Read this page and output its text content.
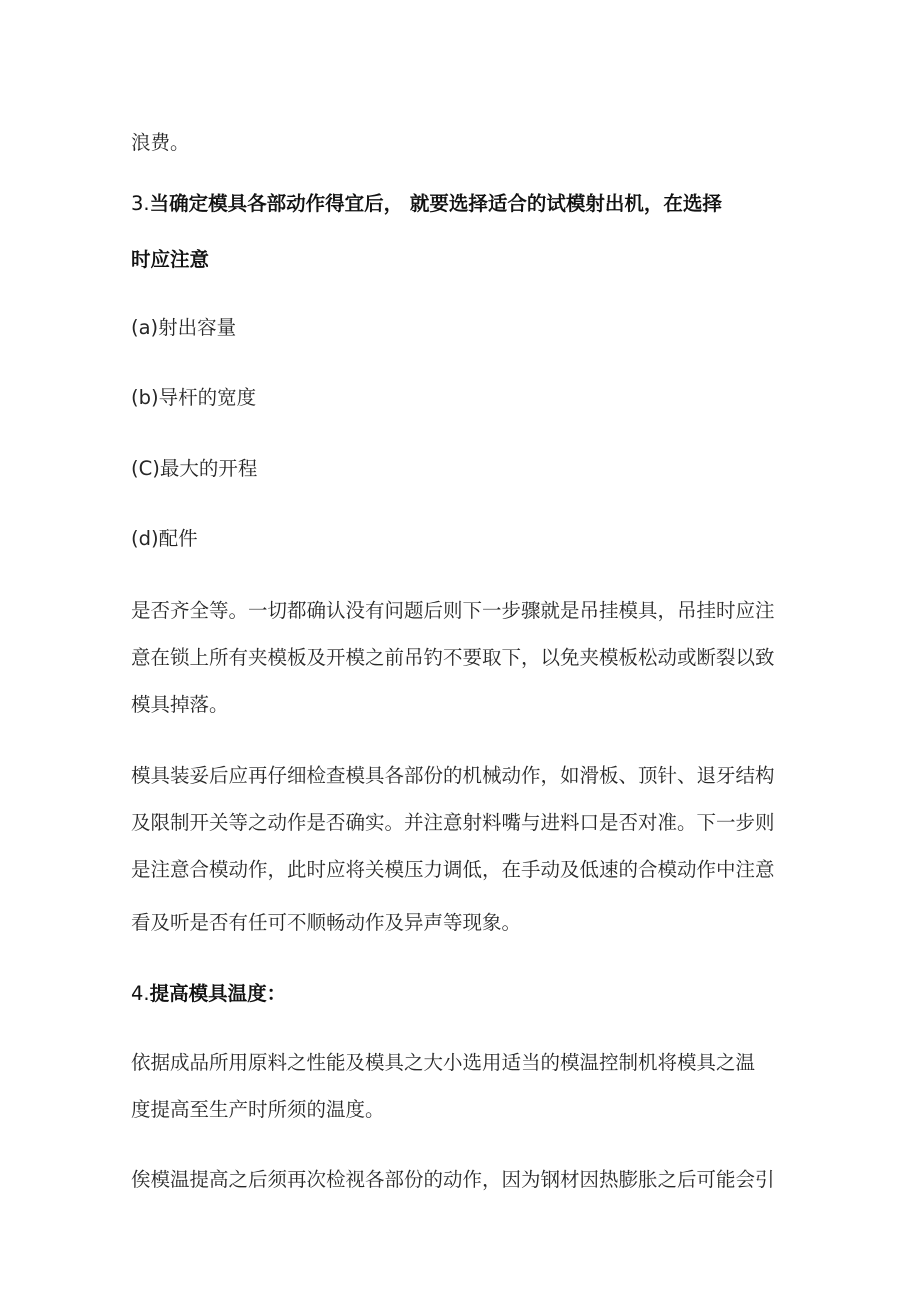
浪费。
3.当确定模具各部动作得宜后， 就要选择适合的试模射出机，在选择
时应注意
(a)射出容量
(b)导杆的宽度
(C)最大的开程
(d)配件
是否齐全等。一切都确认没有问题后则下一步骤就是吊挂模具，吊挂时应注
意在锁上所有夹模板及开模之前吊钓不要取下，以免夹模板松动或断裂以致
模具掉落。
模具装妥后应再仔细检查模具各部份的机械动作，如滑板、顶针、退牙结构
及限制开关等之动作是否确实。并注意射料嘴与进料口是否对准。下一步则
是注意合模动作，此时应将关模压力调低，在手动及低速的合模动作中注意
看及听是否有任可不顺畅动作及异声等现象。
4.提高模具温度：
依据成品所用原料之性能及模具之大小选用适当的模温控制机将模具之温
度提高至生产时所须的温度。
俟模温提高之后须再次检视各部份的动作，因为钢材因热膨胀之后可能会引
